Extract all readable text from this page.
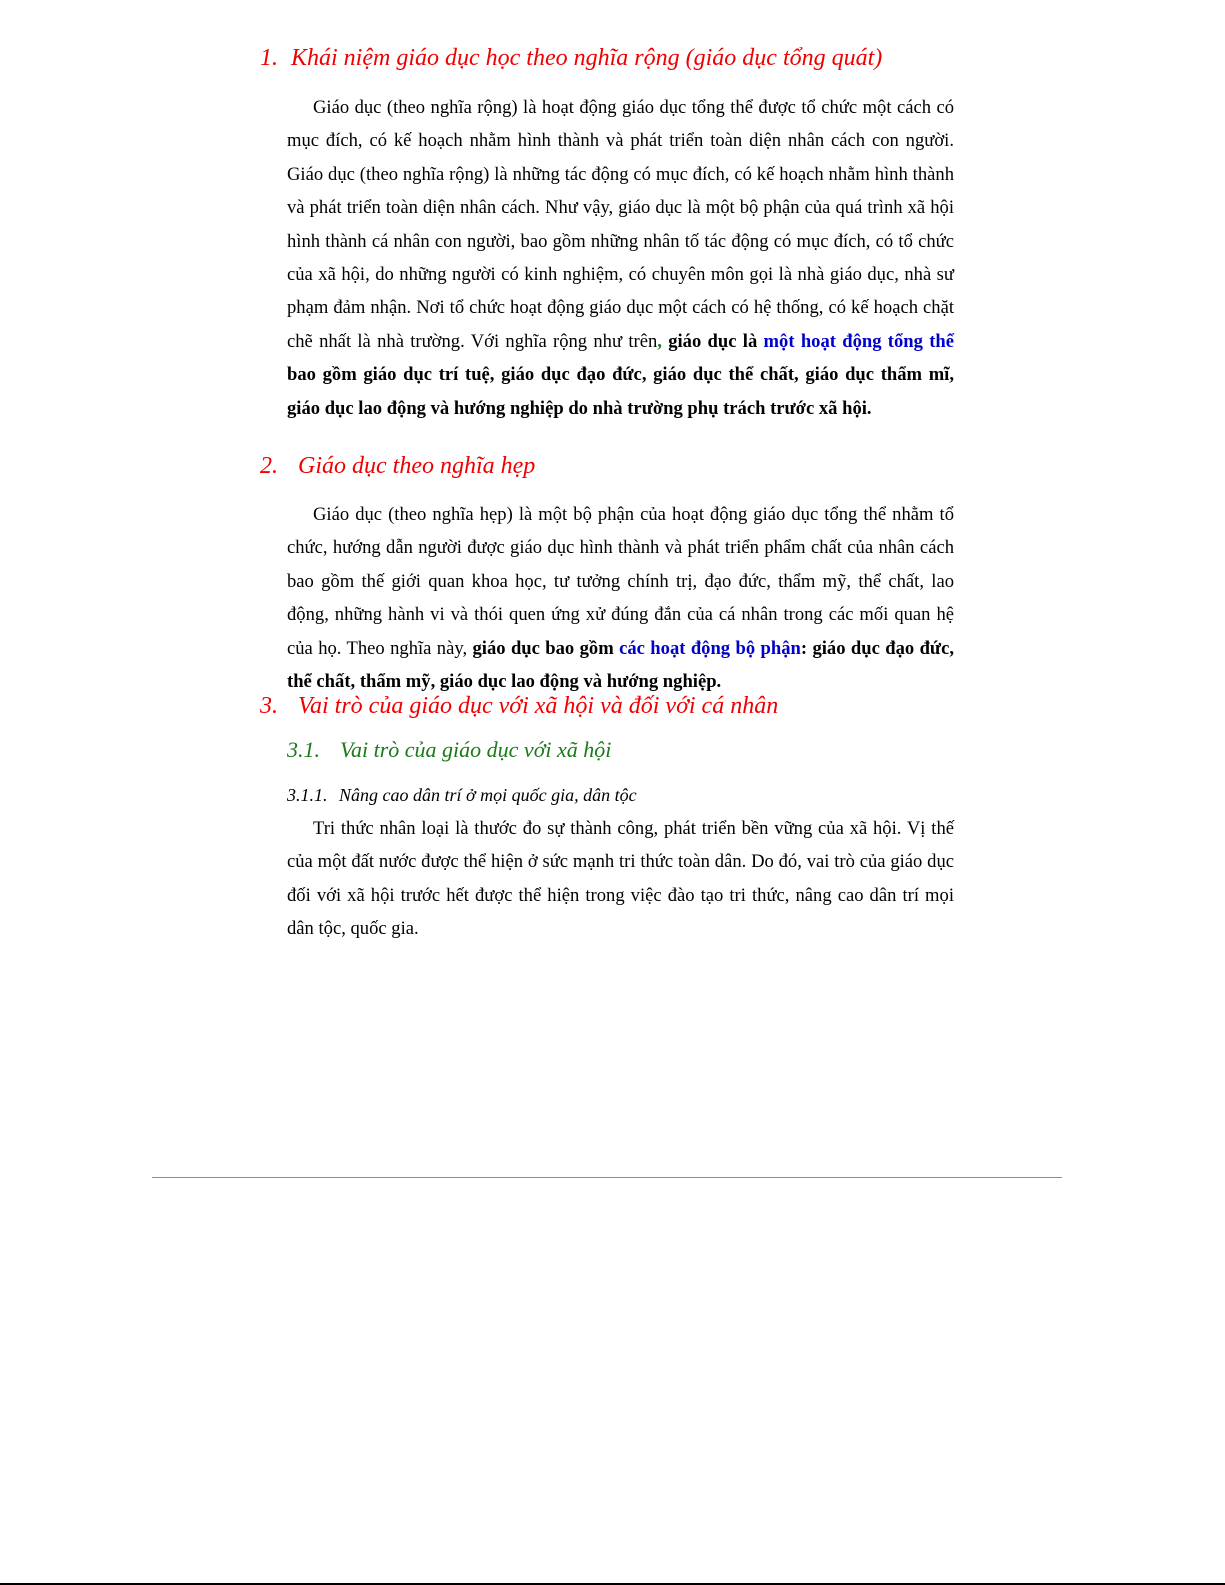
1. Khái niệm giáo dục học theo nghĩa rộng (giáo dục tổng quát)

Giáo dục (theo nghĩa rộng) là hoạt động giáo dục tổng thể được tổ chức một cách có mục đích, có kế hoạch nhằm hình thành và phát triển toàn diện nhân cách con người. Giáo dục (theo nghĩa rộng) là những tác động có mục đích, có kế hoạch nhằm hình thành và phát triển toàn diện nhân cách. Như vậy, giáo dục là một bộ phận của quá trình xã hội hình thành cá nhân con người, bao gồm những nhân tố tác động có mục đích, có tổ chức của xã hội, do những người có kinh nghiệm, có chuyên môn gọi là nhà giáo dục, nhà sư phạm đảm nhận. Nơi tổ chức hoạt động giáo dục một cách có hệ thống, có kế hoạch chặt chẽ nhất là nhà trường. Với nghĩa rộng như trên, giáo dục là một hoạt động tổng thể bao gồm giáo dục trí tuệ, giáo dục đạo đức, giáo dục thể chất, giáo dục thẩm mĩ, giáo dục lao động và hướng nghiệp do nhà trường phụ trách trước xã hội.

2. Giáo dục theo nghĩa hẹp

Giáo dục (theo nghĩa hẹp) là một bộ phận của hoạt động giáo dục tổng thể nhằm tổ chức, hướng dẫn người được giáo dục hình thành và phát triển phẩm chất của nhân cách bao gồm thế giới quan khoa học, tư tưởng chính trị, đạo đức, thẩm mỹ, thể chất, lao động, những hành vi và thói quen ứng xử đúng đắn của cá nhân trong các mối quan hệ của họ. Theo nghĩa này, giáo dục bao gồm các hoạt động bộ phận: giáo dục đạo đức, thể chất, thẩm mỹ, giáo dục lao động và hướng nghiệp.

3. Vai trò của giáo dục với xã hội và đối với cá nhân
3.1. Vai trò của giáo dục với xã hội
3.1.1. Nâng cao dân trí ở mọi quốc gia, dân tộc

Tri thức nhân loại là thước đo sự thành công, phát triển bền vững của xã hội. Vị thế của một đất nước được thể hiện ở sức mạnh tri thức toàn dân. Do đó, vai trò của giáo dục đối với xã hội trước hết được thể hiện trong việc đào tạo tri thức, nâng cao dân trí mọi dân tộc, quốc gia.
